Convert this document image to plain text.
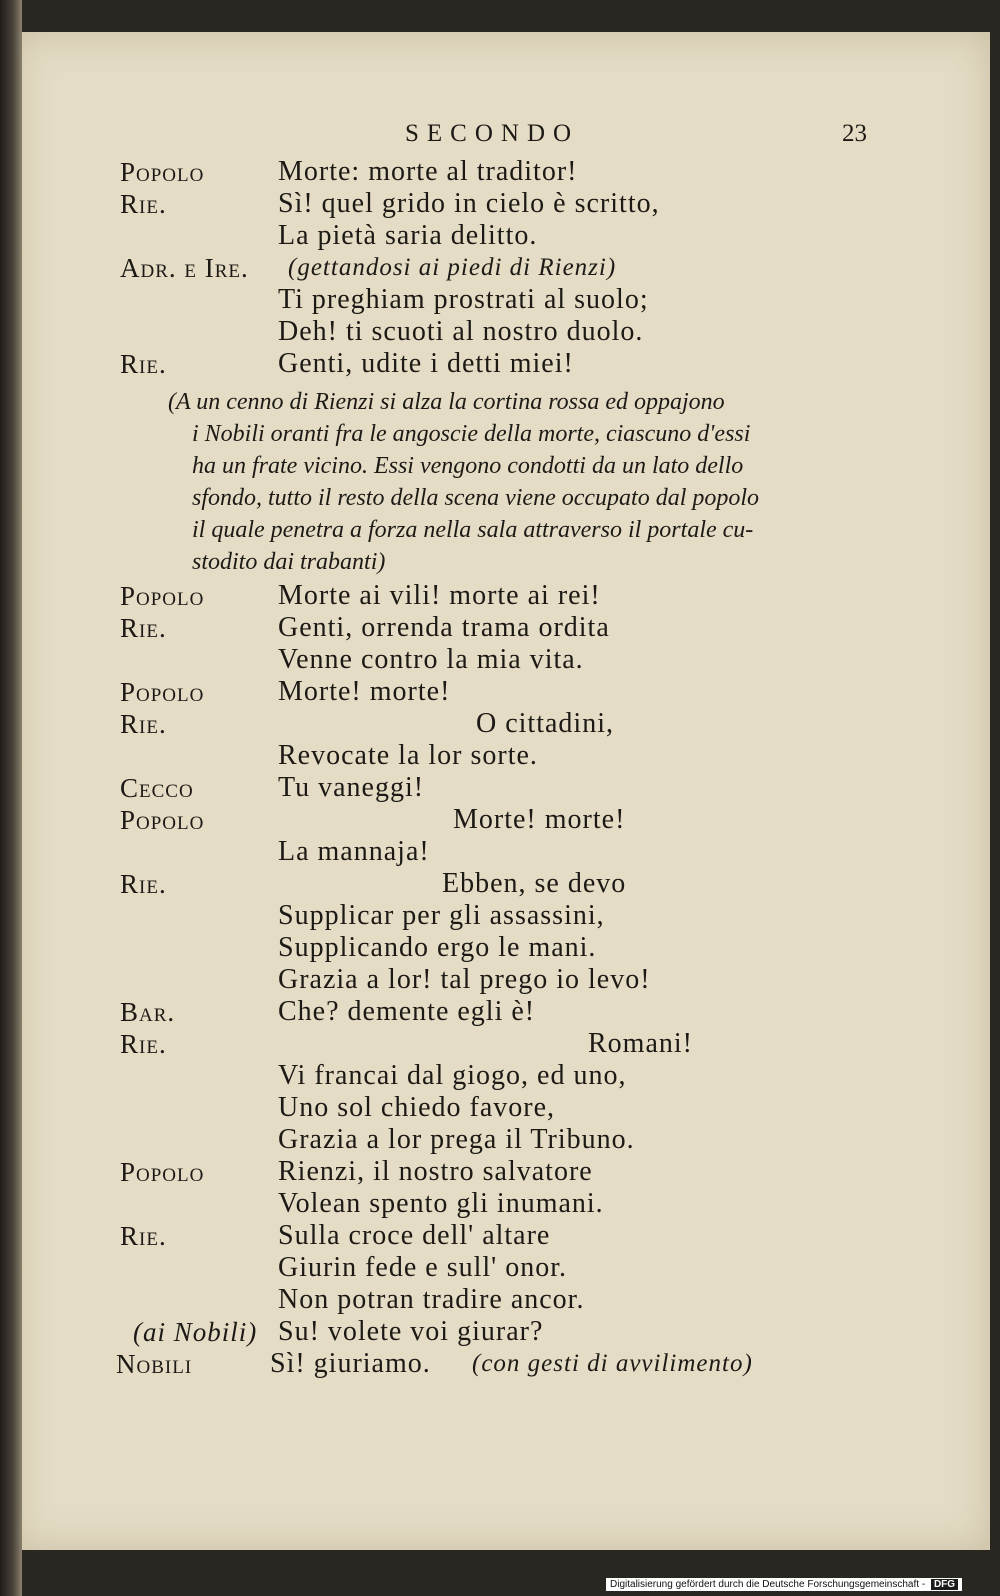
SECONDO	23
Popolo	Morte: morte al traditor!
Rie.	Sì! quel grido in cielo è scritto,
La pietà saria delitto.
Adr. e Ire. (gettandosi ai piedi di Rienzi)
Ti preghiam prostrati al suolo;
Deh! ti scuoti al nostro duolo.
Rie.	Genti, udite i detti miei!
(A un cenno di Rienzi si alza la cortina rossa ed oppajono
i Nobili oranti fra le angoscie della morte, ciascuno d'essi
ha un frate vicino. Essi vengono condotti da un lato dello
sfondo, tutto il resto della scena viene occupato dal popolo
il quale penetra a forza nella sala attraverso il portale cu-
stodito dai trabanti)
Popolo	Morte ai vili! morte ai rei!
Rie.	Genti, orrenda trama ordita
Venne contro la mia vita.
Popolo	Morte! morte!
Rie.	O cittadini,
Revocate la lor sorte.
Cecco	Tu vaneggi!
Popolo	Morte! morte!
La mannaja!
Rie.	Ebben, se devo
Supplicar per gli assassini,
Supplicando ergo le mani.
Grazia a lor! tal prego io levo!
Bar.	Che? demente egli è!
Rie.	Romani!
Vi francai dal giogo, ed uno,
Uno sol chiedo favore,
Grazia a lor prega il Tribuno.
Popolo	Rienzi, il nostro salvatore
Volean spento gli inumani.
Rie.	Sulla croce dell' altare
Giurin fede e sull' onor.
Non potran tradire ancor.
(ai Nobili) Su! volete voi giurar?
Nobili	Sì! giuriamo. (con gesti di avvilimento)
Digitalisierung gefördert durch die Deutsche Forschungsgemeinschaft - DFG
